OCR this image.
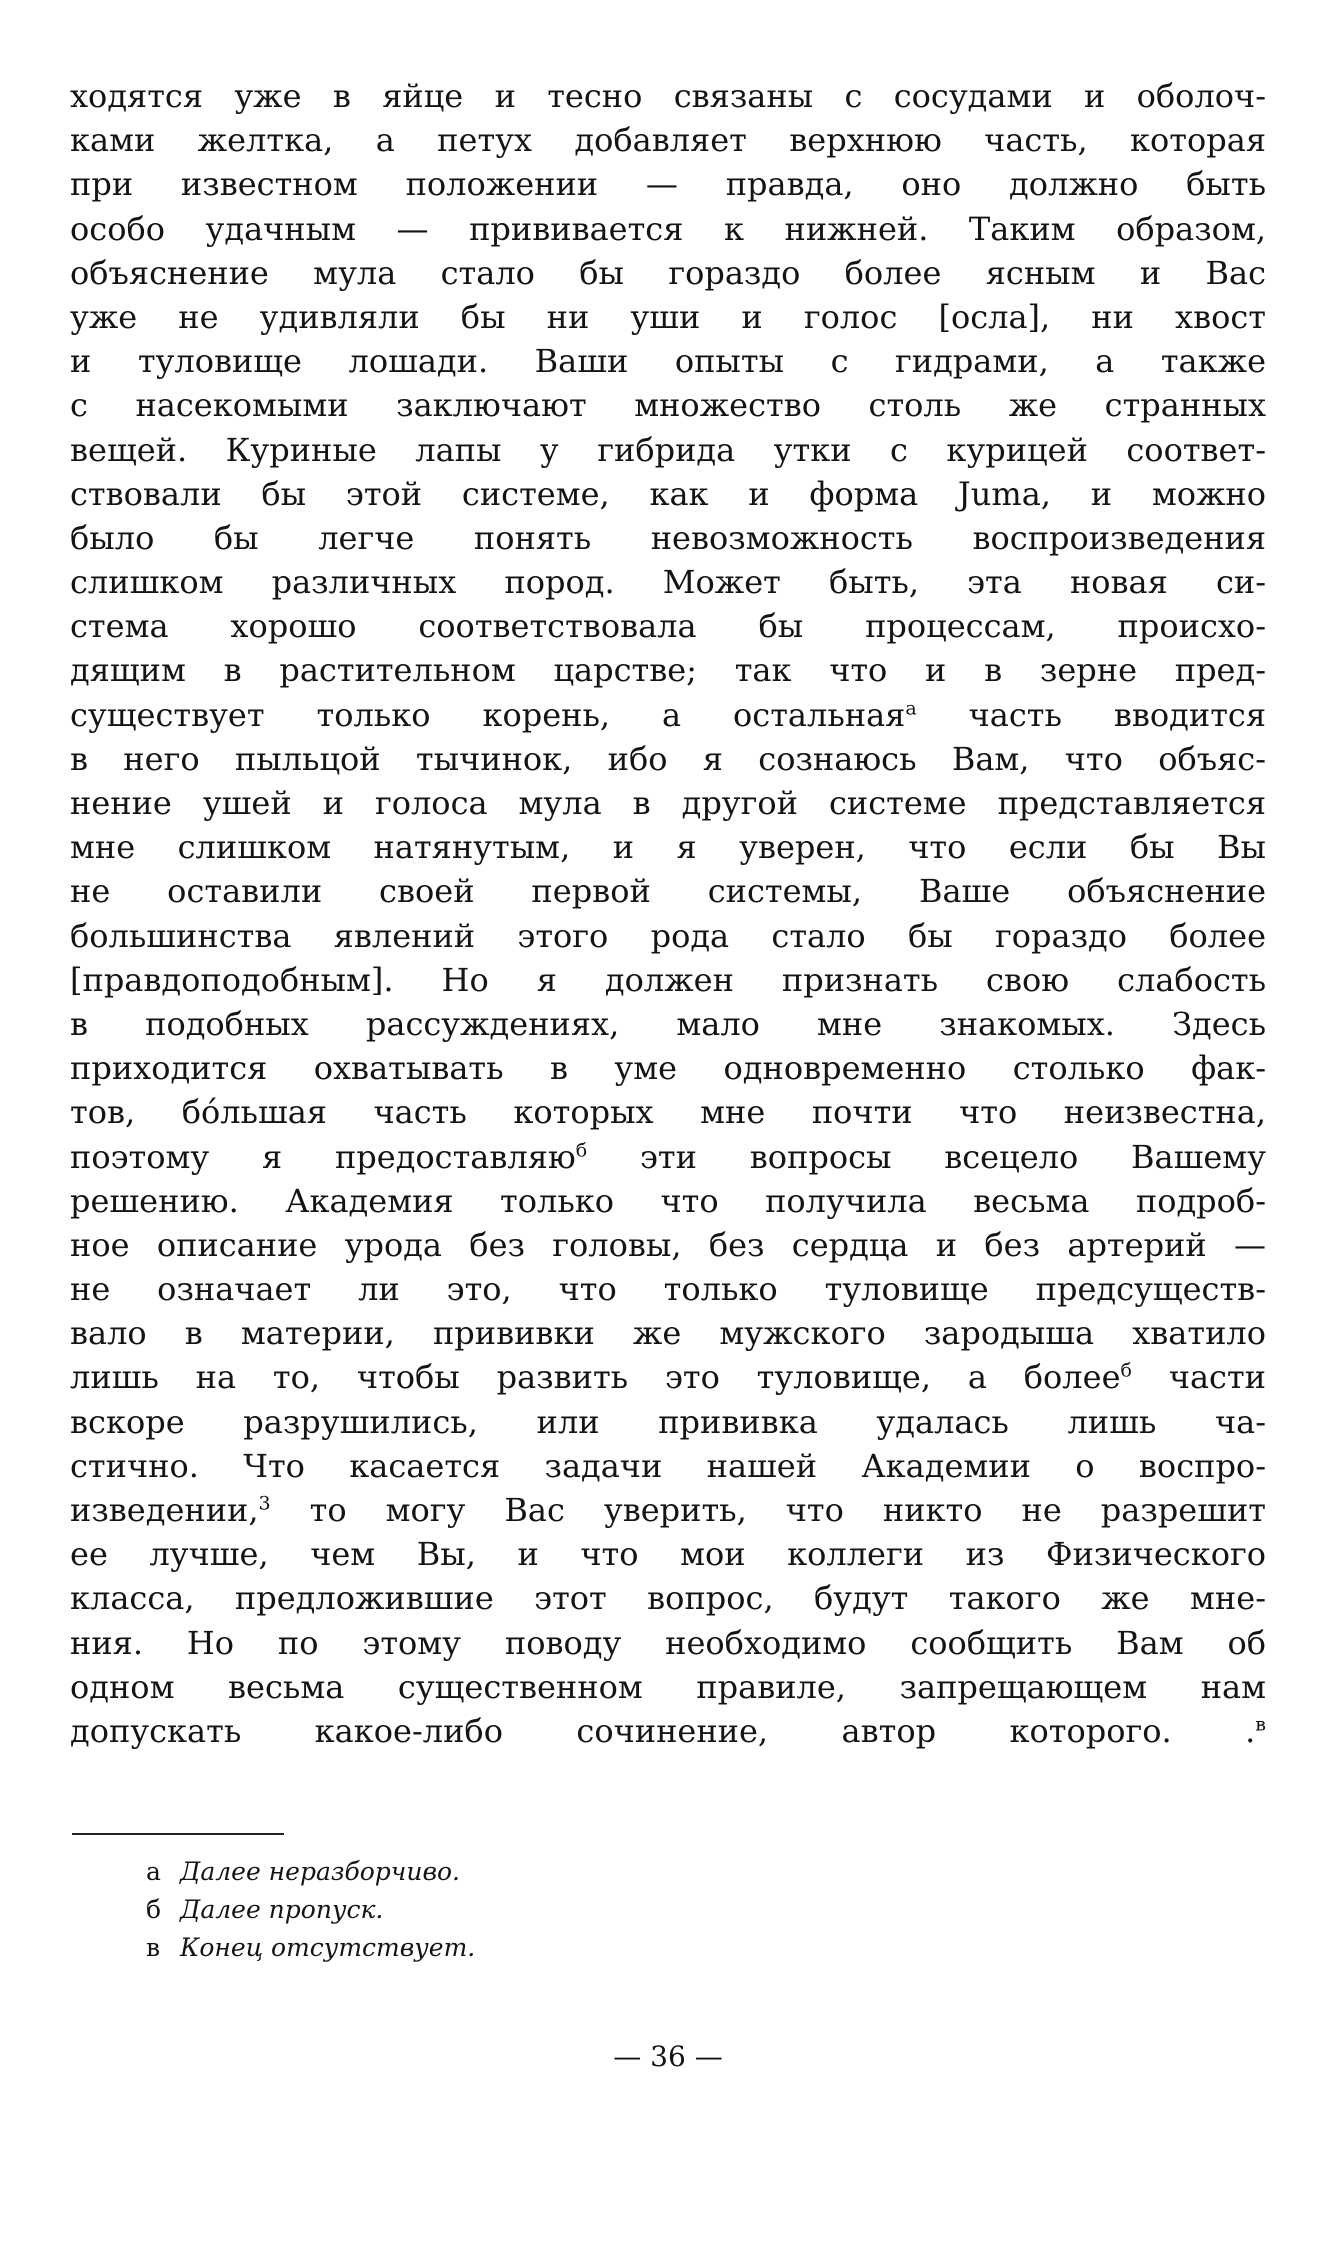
ходятся уже в яйце и тесно связаны с сосудами и оболоч-
ками желтка, а петух добавляет верхнюю часть, которая
при известном положении — правда, оно должно быть
особо удачным — прививается к нижней. Таким образом,
объяснение мула стало бы гораздо более ясным и Вас
уже не удивляли бы ни уши и голос [осла], ни хвост
и туловище лошади. Ваши опыты с гидрами, а также
с насекомыми заключают множество столь же странных
вещей. Куриные лапы у гибрида утки с курицей соответ-
ствовали бы этой системе, как и форма Juma, и можно
было бы легче понять невозможность воспроизведения
слишком различных пород. Может быть, эта новая си-
стема хорошо соответствовала бы процессам, происхо-
дящим в растительном царстве; так что и в зерне пред-
существует только корень, а остальная$^а$ часть вводится
в него пыльцой тычинок, ибо я сознаюсь Вам, что объяс-
нение ушей и голоса мула в другой системе представляется
мне слишком натянутым, и я уверен, что если бы Вы
не оставили своей первой системы, Ваше объяснение
большинства явлений этого рода стало бы гораздо более
[правдоподобным]. Но я должен признать свою слабость
в подобных рассуждениях, мало мне знакомых. Здесь
приходится охватывать в уме одновременно столько фак-
тов, бóльшая часть которых мне почти что неизвестна,
поэтому я предоставляю$^б$ эти вопросы всецело Вашему
решению. Академия только что получила весьма подроб-
ное описание урода без головы, без сердца и без артерий —
не означает ли это, что только туловище предсуществ-
вало в материи, прививки же мужского зародыша хватило
лишь на то, чтобы развить это туловище, а более$^б$ части
вскоре разрушились, или прививка удалась лишь ча-
стично. Что касается задачи нашей Академии о воспро-
изведении,$^3$ то могу Вас уверить, что никто не разрешит
ее лучше, чем Вы, и что мои коллеги из Физического
класса, предложившие этот вопрос, будут такого же мне-
ния. Но по этому поводу необходимо сообщить Вам об
одном весьма существенном правиле, запрещающем нам
допускать какое-либо сочинение, автор которого. .$^в$
а Далее неразборчиво.
б Далее пропуск.
в Конец отсутствует.
— 36 —
